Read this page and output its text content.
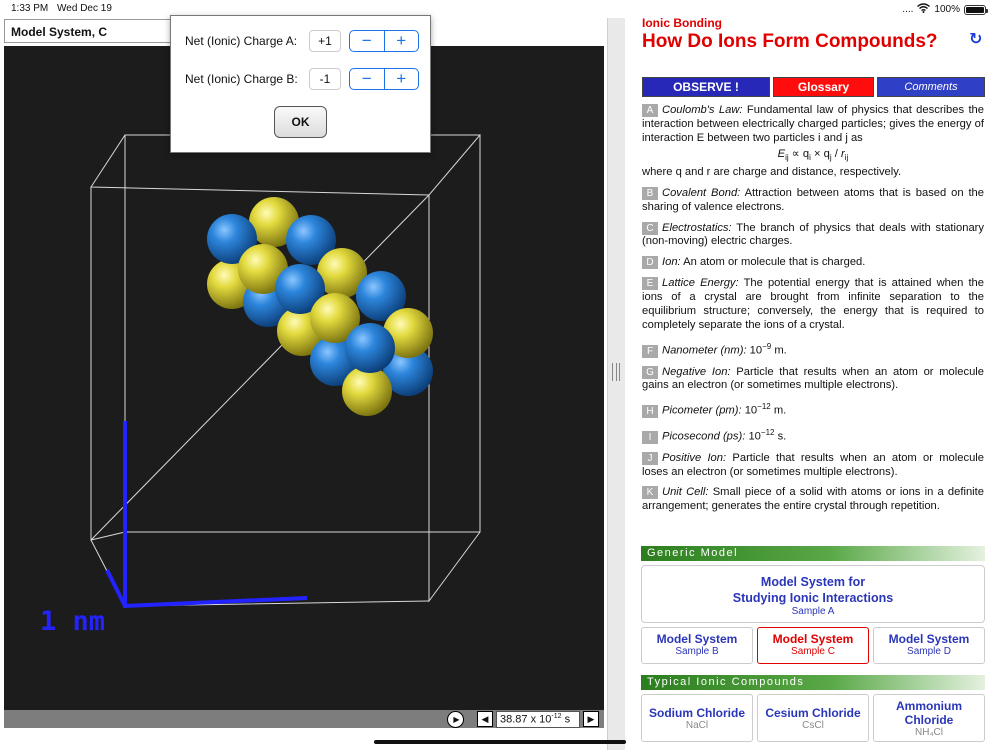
1:33 PM Wed Dec 19	.... 100%
Model System, C
1 nm
▶ ◀	38.87 x $10^{-12}$ s	▶
Net (Ionic) Charge A:	+1	−	+
Net (Ionic) Charge B:	-1	−	+
OK
Ionic Bonding
How Do Ions Form Compounds? ↻
OBSERVE !	Glossary	Comments
A Coulomb's Law: Fundamental law of physics that describes the interaction between electrically charged particles; gives the energy of interaction E between two particles i and j as
$E_{ij} \propto q_i \times q_j / r_{ij}$
where q and r are charge and distance, respectively.
B Covalent Bond: Attraction between atoms that is based on the sharing of valence electrons.
C Electrostatics: The branch of physics that deals with stationary (non-moving) electric charges.
D Ion: An atom or molecule that is charged.
E Lattice Energy: The potential energy that is attained when the ions of a crystal are brought from infinite separation to the equilibrium structure; conversely, the energy that is required to completely separate the ions of a crystal.
F Nanometer (nm): $10^{-9}$ m.
G Negative Ion: Particle that results when an atom or molecule gains an electron (or sometimes multiple electrons).
H Picometer (pm): $10^{-12}$ m.
I Picosecond (ps): $10^{-12}$ s.
J Positive Ion: Particle that results when an atom or molecule loses an electron (or sometimes multiple electrons).
K Unit Cell: Small piece of a solid with atoms or ions in a definite arrangement; generates the entire crystal through repetition.
Generic Model
Model System for
Studying Ionic Interactions
Sample A
Model System
Sample B
Model System
Sample C
Model System
Sample D
Typical Ionic Compounds
Sodium Chloride
NaCl
Cesium Chloride
CsCl
Ammonium Chloride
NH₄Cl
